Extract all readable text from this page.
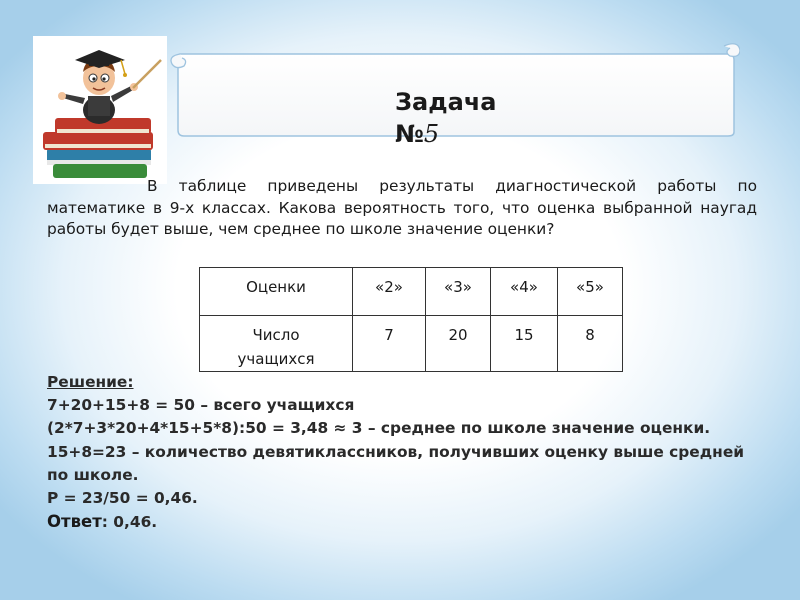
Задача
№5
В таблице приведены результаты диагностической работы по математике в 9-х классах. Какова вероятность того, что оценка выбранной наугад работы будет выше, чем среднее по школе значение оценки?
Оценки	«2»	«3»	«4»	«5»

Число
учащихся	7	20	15	8
Решение:
7+20+15+8 = 50 – всего учащихся
(2*7+3*20+4*15+5*8):50 = 3,48 ≈ 3 – среднее по школе значение оценки.
15+8=23 – количество девятиклассников, получивших оценку выше средней по школе.
P = 23/50 = 0,46.
Ответ: 0,46.
